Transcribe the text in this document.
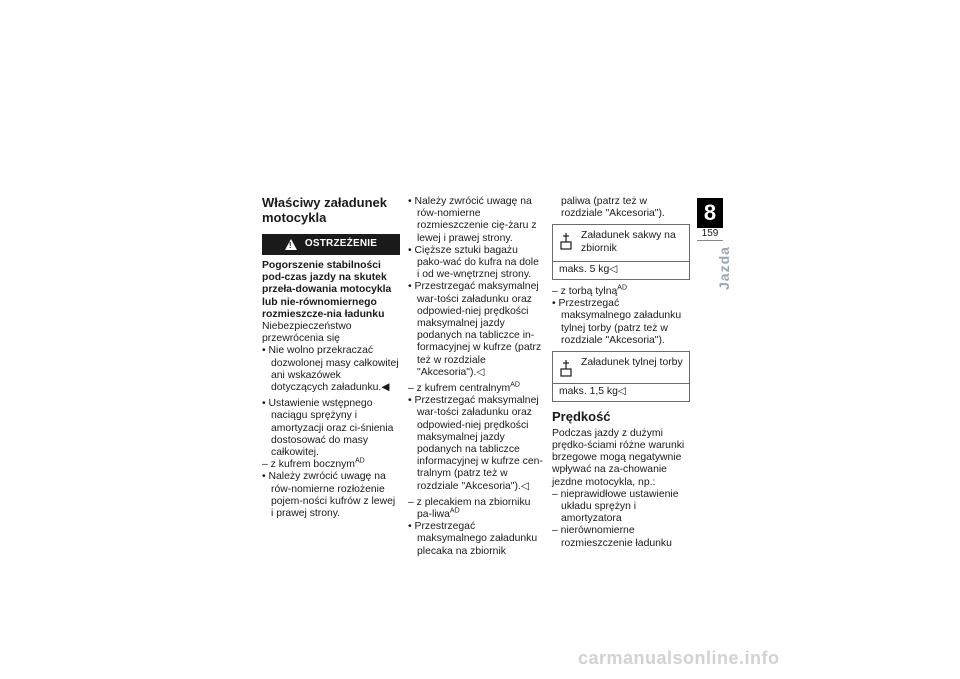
Właściwy załadunek motocykla
!
OSTRZEŻENIE

Pogorszenie stabilności pod-czas jazdy na skutek przeła-dowania motocykla lub nie-równomiernego rozmieszcze-nia ładunku

Niebezpieczeństwo przewrócenia się

• Nie wolno przekraczać dozwolonej masy całkowitej ani wskazówek dotyczących załadunku.◀

• Ustawienie wstępnego naciągu sprężyny i amortyzacji oraz ci-śnienia dostosować do masy całkowitej.

– z kufrem bocznym$^{AD}$

• Należy zwrócić uwagę na rów-nomierne rozłożenie pojem-ności kufrów z lewej i prawej strony.

• Należy zwrócić uwagę na rów-nomierne rozmieszczenie cię-żaru z lewej i prawej strony.

• Cięższe sztuki bagażu pako-wać do kufra na dole i od we-wnętrznej strony.

• Przestrzegać maksymalnej war-tości załadunku oraz odpowied-niej prędkości maksymalnej jazdy podanych na tabliczce in-formacyjnej w kufrze (patrz też w rozdziale "Akcesoria").◁

– z kufrem centralnym$^{AD}$

• Przestrzegać maksymalnej war-tości załadunku oraz odpowied-niej prędkości maksymalnej jazdy podanych na tabliczce informacyjnej w kufrze cen-tralnym (patrz też w rozdziale "Akcesoria").◁

– z plecakiem na zbiorniku pa-liwa$^{AD}$

• Przestrzegać maksymalnego załadunku plecaka na zbiornik

paliwa (patrz też w rozdziale "Akcesoria").

Załadunek sakwy na zbiornik
maks. 5 kg◁

– z torbą tylną$^{AD}$

• Przestrzegać maksymalnego załadunku tylnej torby (patrz też w rozdziale "Akcesoria").

Załadunek tylnej torby
maks. 1,5 kg◁
Prędkość

Podczas jazdy z dużymi prędko-ściami różne warunki brzegowe mogą negatywnie wpływać na za-chowanie jezdne motocykla, np.:

– nieprawidłowe ustawienie układu sprężyn i amortyzatora

– nierównomierne rozmieszczenie ładunku

8
159
Jazda
carmanualsonline.info
